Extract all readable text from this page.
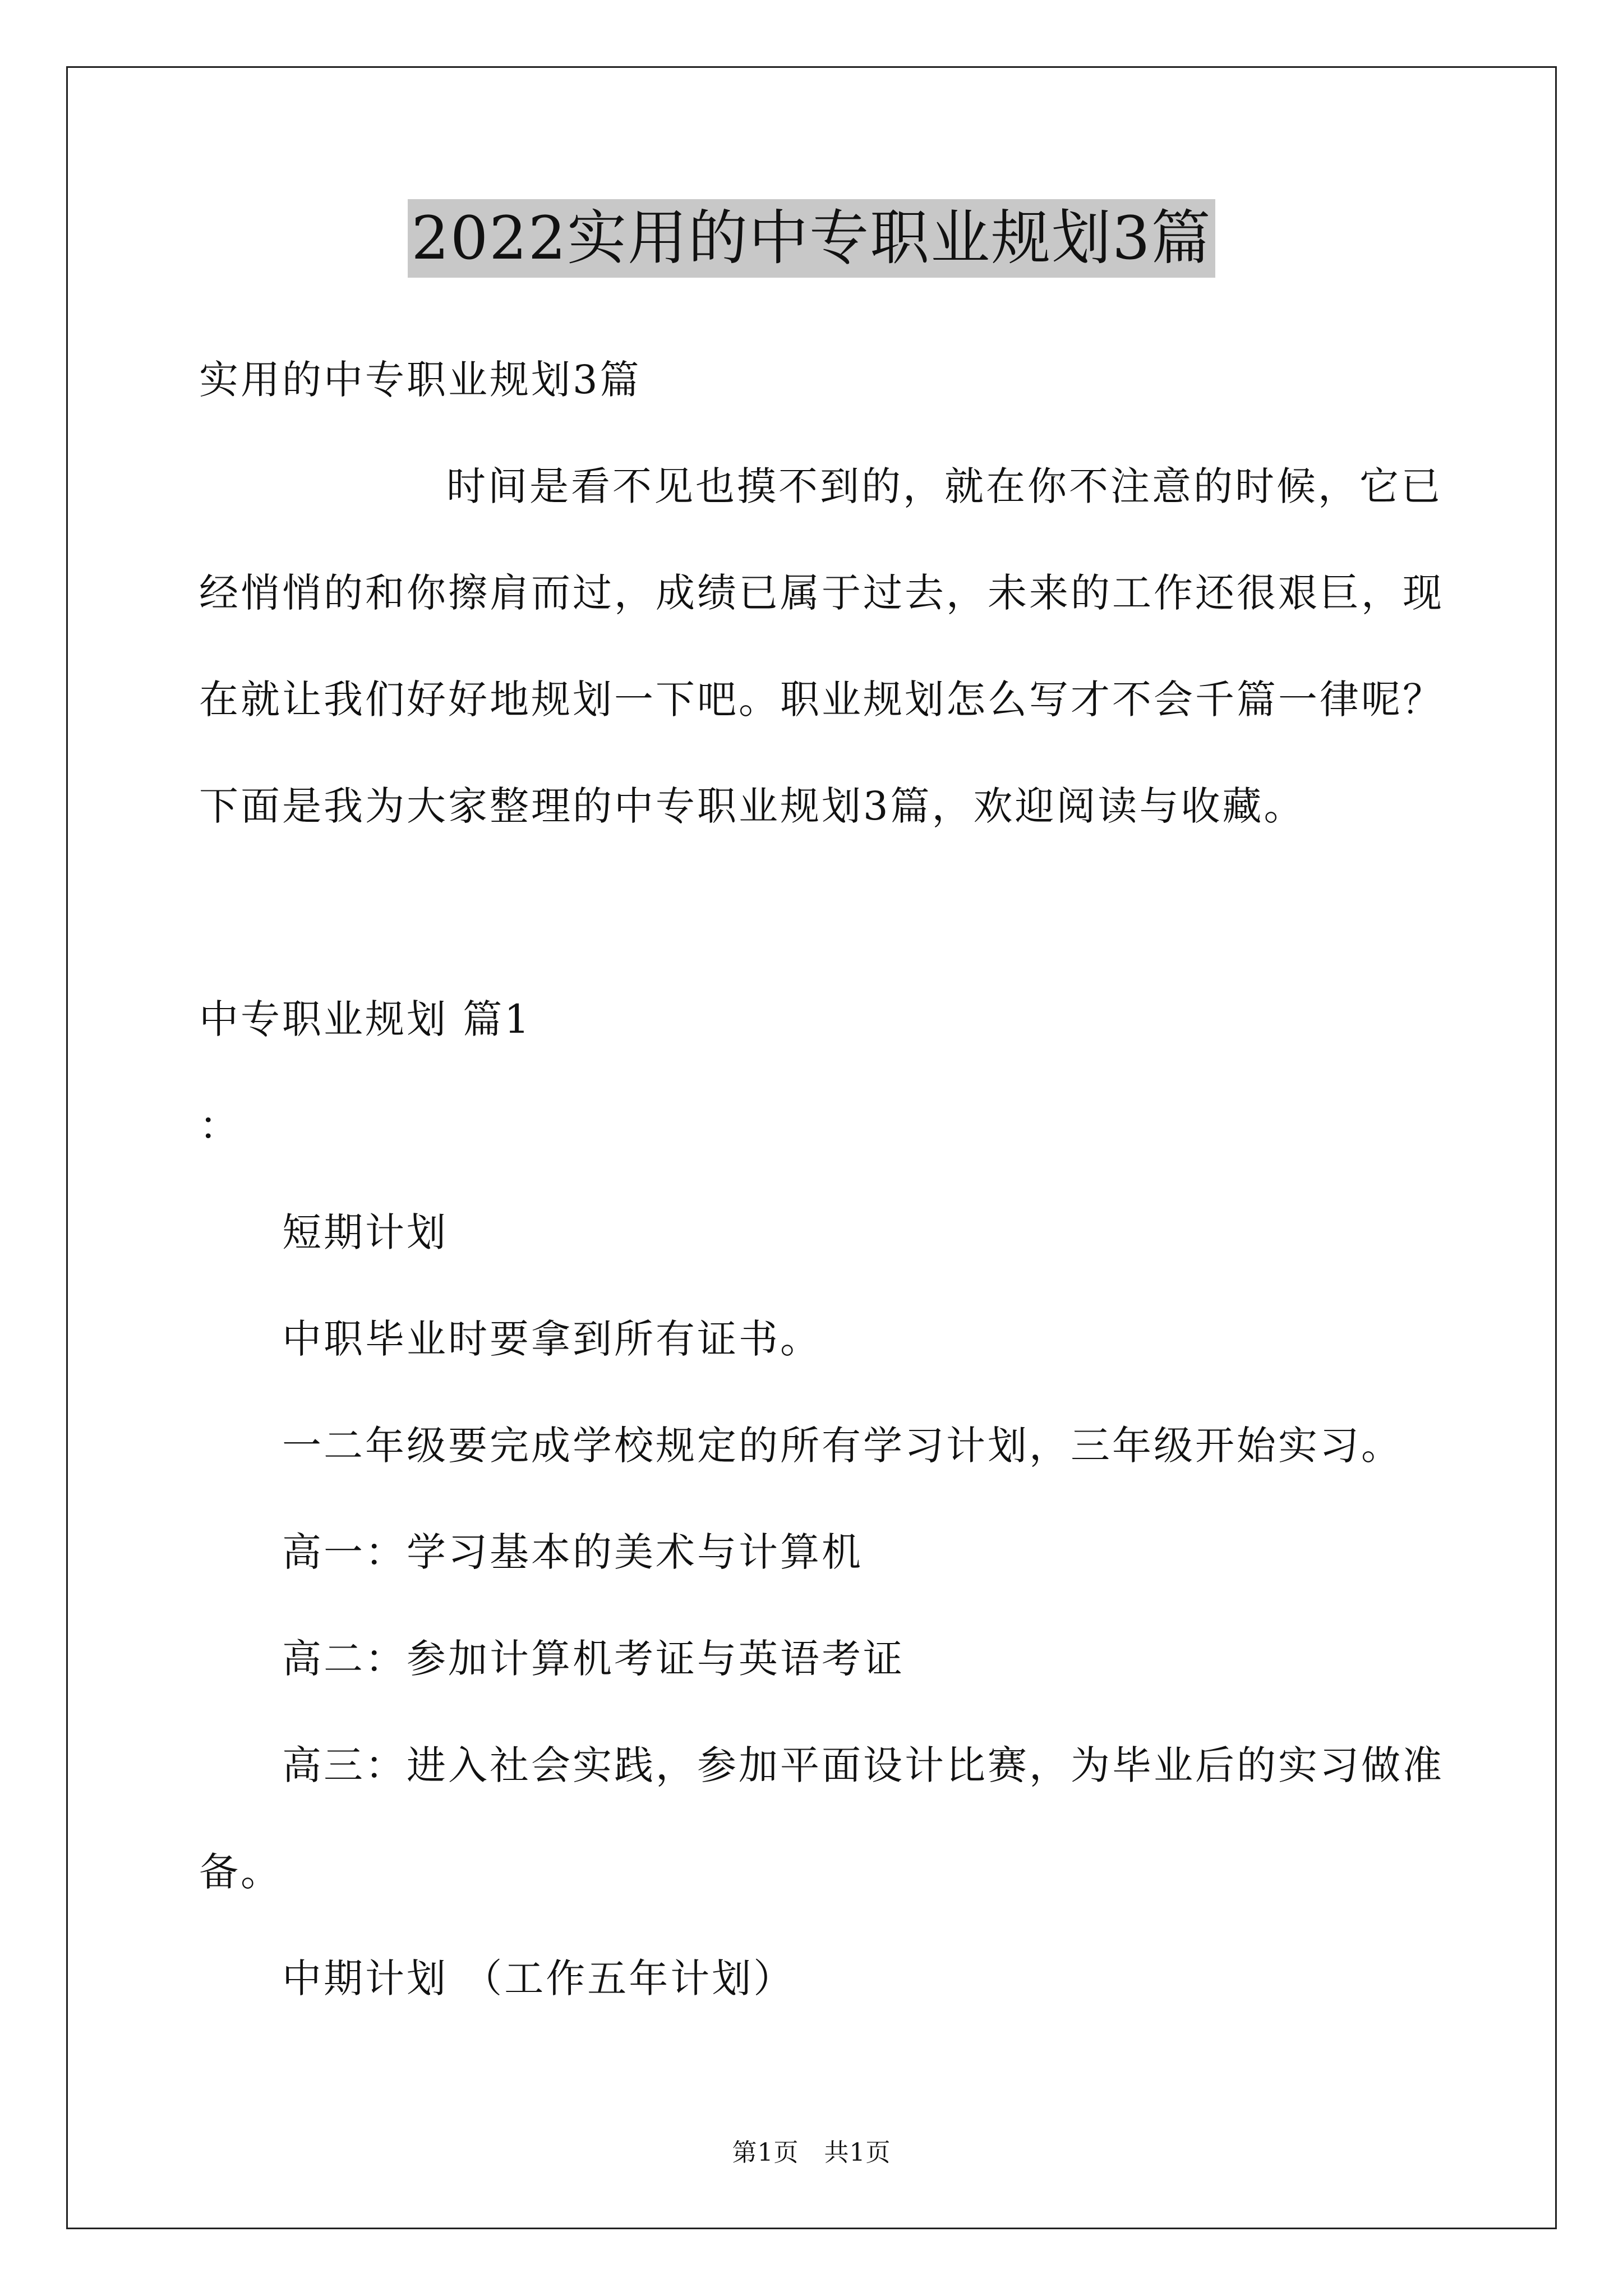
2022实用的中专职业规划3篇
实用的中专职业规划3篇
时间是看不见也摸不到的，就在你不注意的时候，它已
经悄悄的和你擦肩而过，成绩已属于过去，未来的工作还很艰巨，现
在就让我们好好地规划一下吧。职业规划怎么写才不会千篇一律呢？
下面是我为大家整理的中专职业规划3篇，欢迎阅读与收藏。
中专职业规划 篇1
：
短期计划
中职毕业时要拿到所有证书。
一二年级要完成学校规定的所有学习计划，三年级开始实习。
高一：学习基本的美术与计算机
高二：参加计算机考证与英语考证
高三：进入社会实践，参加平面设计比赛，为毕业后的实习做准
备。
中期计划 （工作五年计划）
第1页　共1页
